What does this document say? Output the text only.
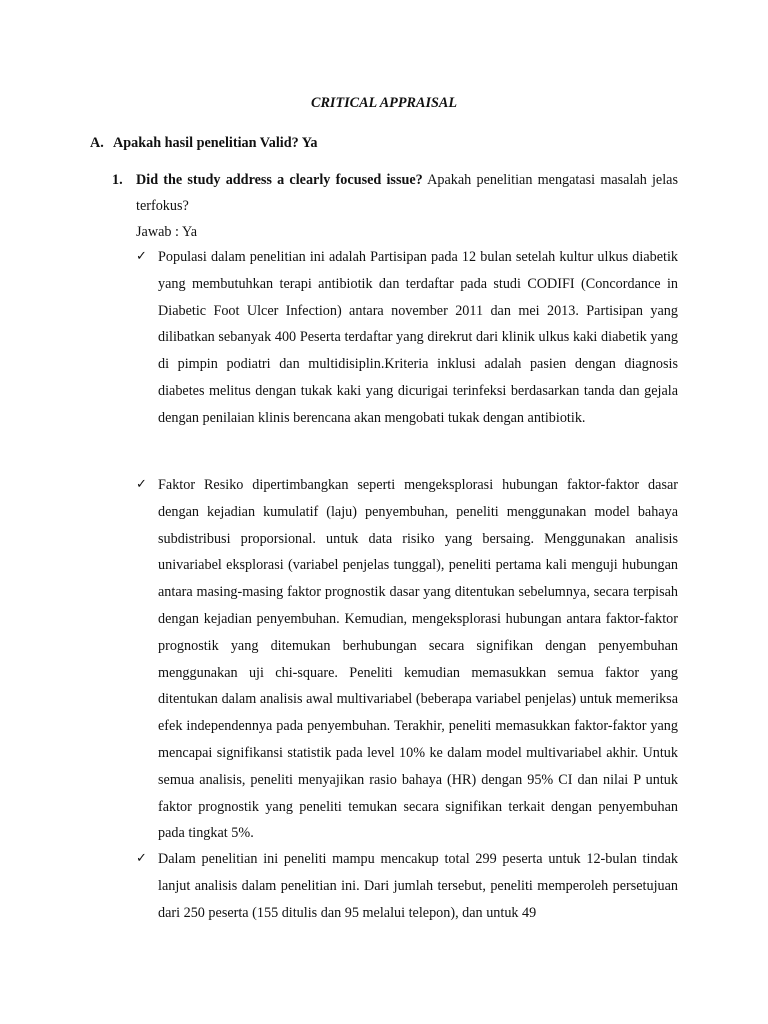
CRITICAL APPRAISAL
A. Apakah hasil penelitian Valid? Ya
1. Did the study address a clearly focused issue? Apakah penelitian mengatasi masalah jelas terfokus?
Jawab : Ya
✓ Populasi dalam penelitian ini adalah Partisipan pada 12 bulan setelah kultur ulkus diabetik yang membutuhkan terapi antibiotik dan terdaftar pada studi CODIFI (Concordance in Diabetic Foot Ulcer Infection) antara november 2011 dan mei 2013. Partisipan yang dilibatkan sebanyak 400 Peserta terdaftar yang direkrut dari klinik ulkus kaki diabetik yang di pimpin podiatri dan multidisiplin.Kriteria inklusi adalah pasien dengan diagnosis diabetes melitus dengan tukak kaki yang dicurigai terinfeksi berdasarkan tanda dan gejala dengan penilaian klinis berencana akan mengobati tukak dengan antibiotik.
✓ Faktor Resiko dipertimbangkan seperti mengeksplorasi hubungan faktor-faktor dasar dengan kejadian kumulatif (laju) penyembuhan, peneliti menggunakan model bahaya subdistribusi proporsional. untuk data risiko yang bersaing. Menggunakan analisis univariabel eksplorasi (variabel penjelas tunggal), peneliti pertama kali menguji hubungan antara masing-masing faktor prognostik dasar yang ditentukan sebelumnya, secara terpisah dengan kejadian penyembuhan. Kemudian, mengeksplorasi hubungan antara faktor-faktor prognostik yang ditemukan berhubungan secara signifikan dengan penyembuhan menggunakan uji chi-square. Peneliti kemudian memasukkan semua faktor yang ditentukan dalam analisis awal multivariabel (beberapa variabel penjelas) untuk memeriksa efek independennya pada penyembuhan. Terakhir, peneliti memasukkan faktor-faktor yang mencapai signifikansi statistik pada level 10% ke dalam model multivariabel akhir. Untuk semua analisis, peneliti menyajikan rasio bahaya (HR) dengan 95% CI dan nilai P untuk faktor prognostik yang peneliti temukan secara signifikan terkait dengan penyembuhan pada tingkat 5%.
✓ Dalam penelitian ini peneliti mampu mencakup total 299 peserta untuk 12-bulan tindak lanjut analisis dalam penelitian ini. Dari jumlah tersebut, peneliti memperoleh persetujuan dari 250 peserta (155 ditulis dan 95 melalui telepon), dan untuk 49
